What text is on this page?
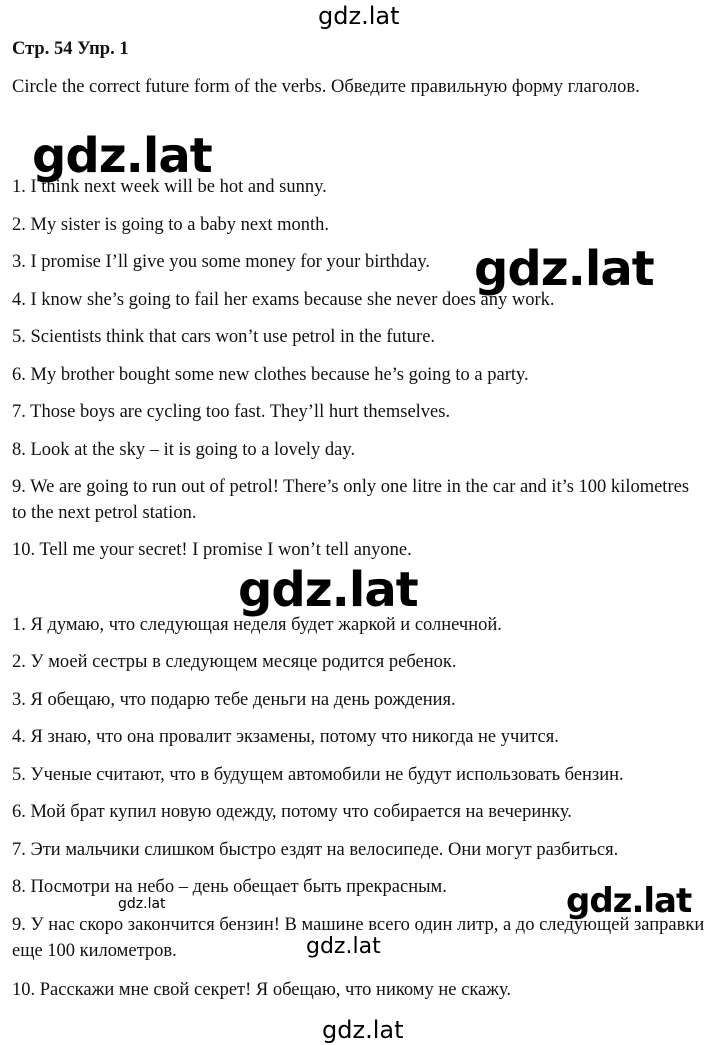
gdz.lat
Стр. 54 Упр. 1
Circle the correct future form of the verbs. Обведите правильную форму глаголов.
1. I think next week will be hot and sunny.
2. My sister is going to a baby next month.
3. I promise I’ll give you some money for your birthday.
4. I know she’s going to fail her exams because she never does any work.
5. Scientists think that cars won’t use petrol in the future.
6. My brother bought some new clothes because he’s going to a party.
7. Those boys are cycling too fast. They’ll hurt themselves.
8. Look at the sky – it is going to a lovely day.
9. We are going to run out of petrol! There’s only one litre in the car and it’s 100 kilometres to the next petrol station.
10. Tell me your secret! I promise I won’t tell anyone.
1. Я думаю, что следующая неделя будет жаркой и солнечной.
2. У моей сестры в следующем месяце родится ребенок.
3. Я обещаю, что подарю тебе деньги на день рождения.
4. Я знаю, что она провалит экзамены, потому что никогда не учится.
5. Ученые считают, что в будущем автомобили не будут использовать бензин.
6. Мой брат купил новую одежду, потому что собирается на вечеринку.
7. Эти мальчики слишком быстро ездят на велосипеде. Они могут разбиться.
8. Посмотри на небо – день обещает быть прекрасным.
9. У нас скоро закончится бензин! В машине всего один литр, а до следующей заправки еще 100 километров.
10. Расскажи мне свой секрет! Я обещаю, что никому не скажу.
gdz.lat
gdz.lat
gdz.lat
gdz.lat
gdz.lat
gdz.lat
gdz.lat
